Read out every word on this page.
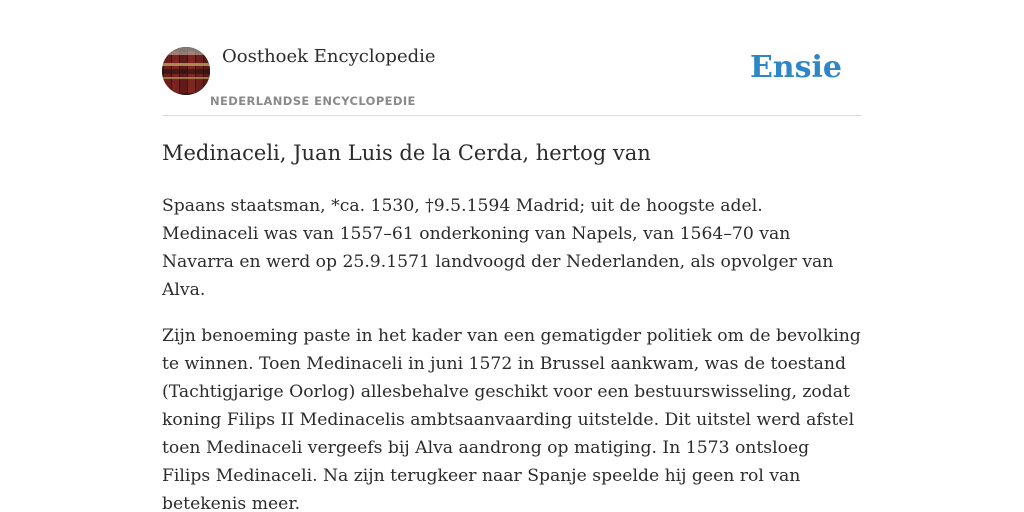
Oosthoek Encyclopedie
NEDERLANDSE ENCYCLOPEDIE
Ensie
Medinaceli, Juan Luis de la Cerda, hertog van

Spaans staatsman, *ca. 1530, †9.5.1594 Madrid; uit de hoogste adel. Medinaceli was van 1557–61 onderkoning van Napels, van 1564–70 van Navarra en werd op 25.9.1571 landvoogd der Nederlanden, als opvolger van Alva.

Zijn benoeming paste in het kader van een gematigder politiek om de bevolking te winnen. Toen Medinaceli in juni 1572 in Brussel aankwam, was de toestand (Tachtigjarige Oorlog) allesbehalve geschikt voor een bestuurswisseling, zodat koning Filips II Medinacelis ambtsaanvaarding uitstelde. Dit uitstel werd afstel toen Medinaceli vergeefs bij Alva aandrong op matiging. In 1573 ontsloeg Filips Medinaceli. Na zijn terugkeer naar Spanje speelde hij geen rol van betekenis meer.
